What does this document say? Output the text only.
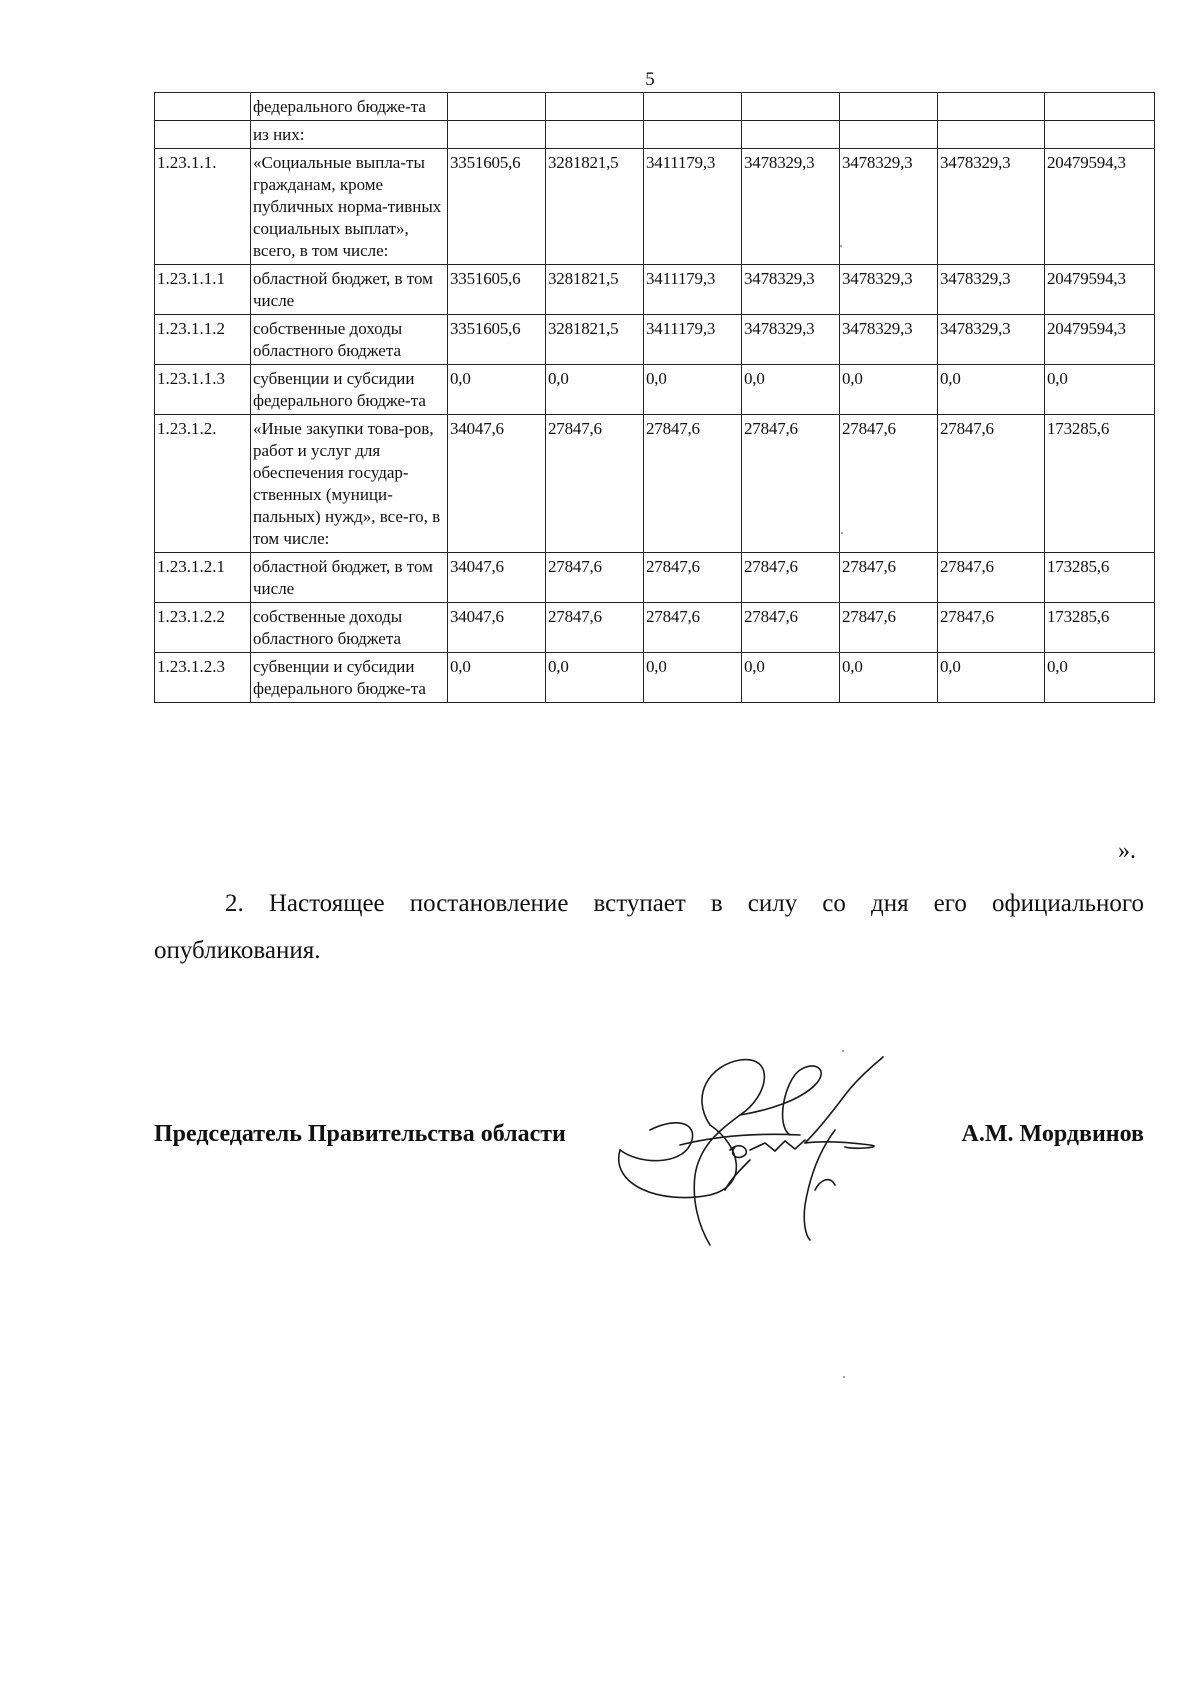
5
	федерального бюдже-та							
	из них:							
1.23.1.1.	«Социальные выпла-ты гражданам, кроме публичных норма-тивных социальных выплат», всего, в том числе:	3351605,6	3281821,5	3411179,3	3478329,3	3478329,3	3478329,3	20479594,3
1.23.1.1.1	областной бюджет, в том числе	3351605,6	3281821,5	3411179,3	3478329,3	3478329,3	3478329,3	20479594,3
1.23.1.1.2	собственные доходы областного бюджета	3351605,6	3281821,5	3411179,3	3478329,3	3478329,3	3478329,3	20479594,3
1.23.1.1.3	субвенции и субсидии федерального бюдже-та	0,0	0,0	0,0	0,0	0,0	0,0	0,0
1.23.1.2.	«Иные закупки това-ров, работ и услуг для обеспечения государ-ственных (муници-пальных) нужд», все-го, в том числе:	34047,6	27847,6	27847,6	27847,6	27847,6	27847,6	173285,6
1.23.1.2.1	областной бюджет, в том числе	34047,6	27847,6	27847,6	27847,6	27847,6	27847,6	173285,6
1.23.1.2.2	собственные доходы областного бюджета	34047,6	27847,6	27847,6	27847,6	27847,6	27847,6	173285,6
1.23.1.2.3	субвенции и субсидии федерального бюдже-та	0,0	0,0	0,0	0,0	0,0	0,0	0,0
».
2. Настоящее постановление вступает в силу со дня его официального опубликования.
Председатель Правительства области	А.М. Мордвинов
